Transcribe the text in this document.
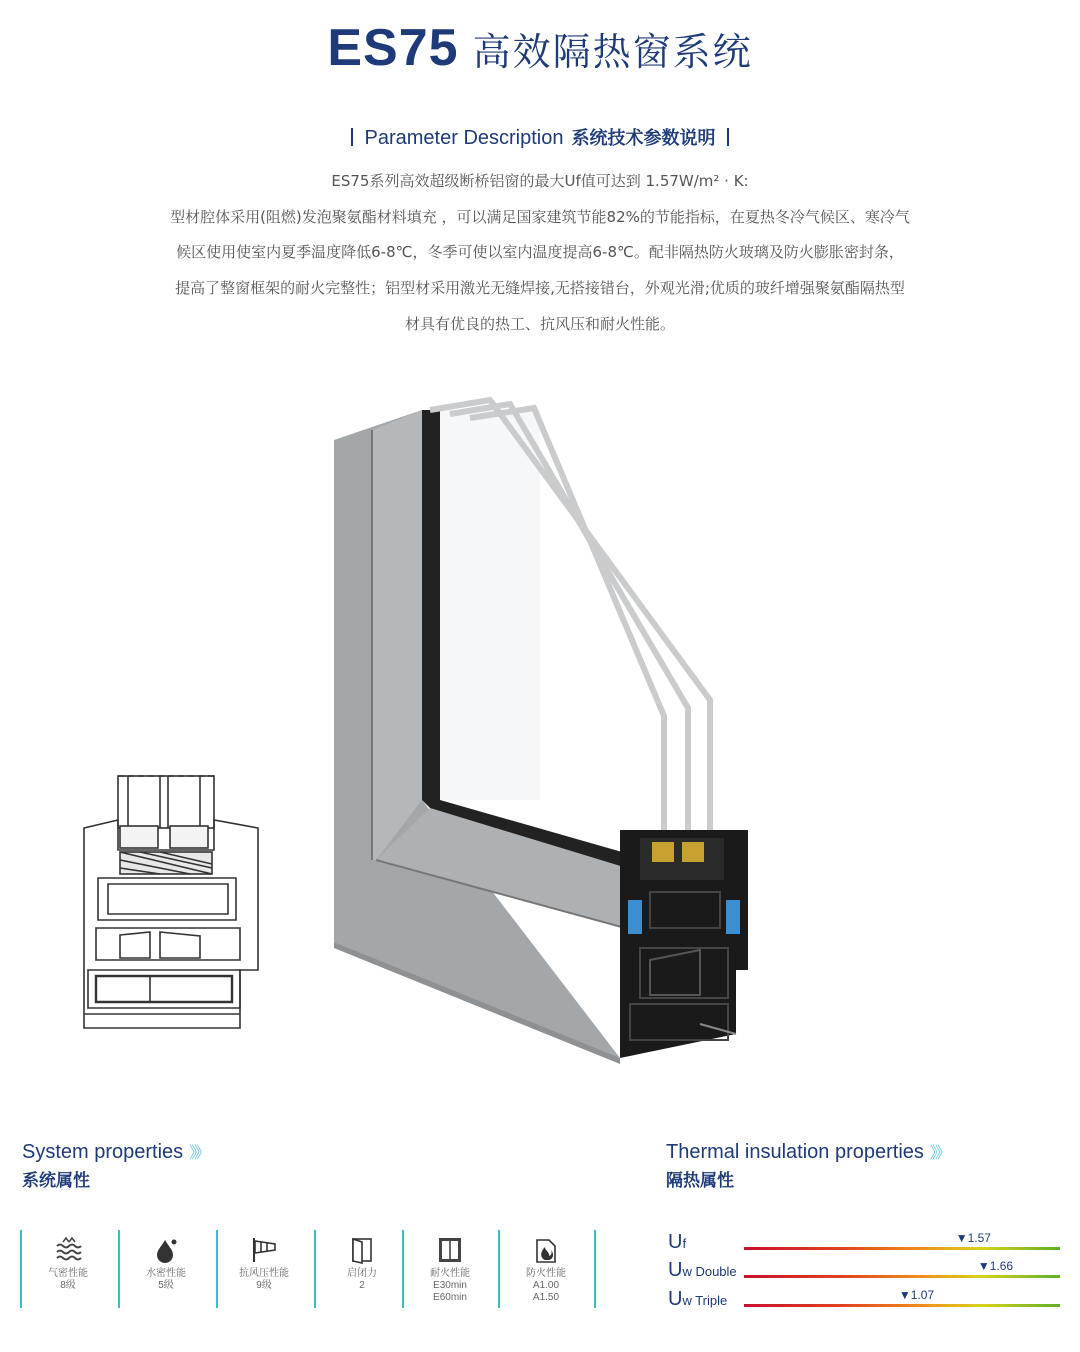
ES75 高效隔热窗系统
Parameter Description 系统技术参数说明
ES75系列高效超级断桥铝窗的最大Uf值可达到 1.57W/m² · K:
型材腔体采用(阻燃)发泡聚氨酯材料填充 ，可以满足国家建筑节能82%的节能指标，在夏热冬冷气候区、寒冷气
候区使用使室内夏季温度降低6-8℃，冬季可使以室内温度提高6-8℃。配非隔热防火玻璃及防火膨胀密封条，
提高了整窗框架的耐火完整性；铝型材采用激光无缝焊接,无搭接错台，外观光滑;优质的玻纤增强聚氨酯隔热型
材具有优良的热工、抗风压和耐火性能。
System properties 》》
系统属性
气密性能
8级
水密性能
5级
抗风压性能
9级
启闭力
2
耐火性能
E30min
E60min
防火性能
A1.00
A1.50
Thermal insulation properties 》》
隔热属性
Uf	▼1.57
Uw Double	▼1.66
Uw Triple	▼1.07
